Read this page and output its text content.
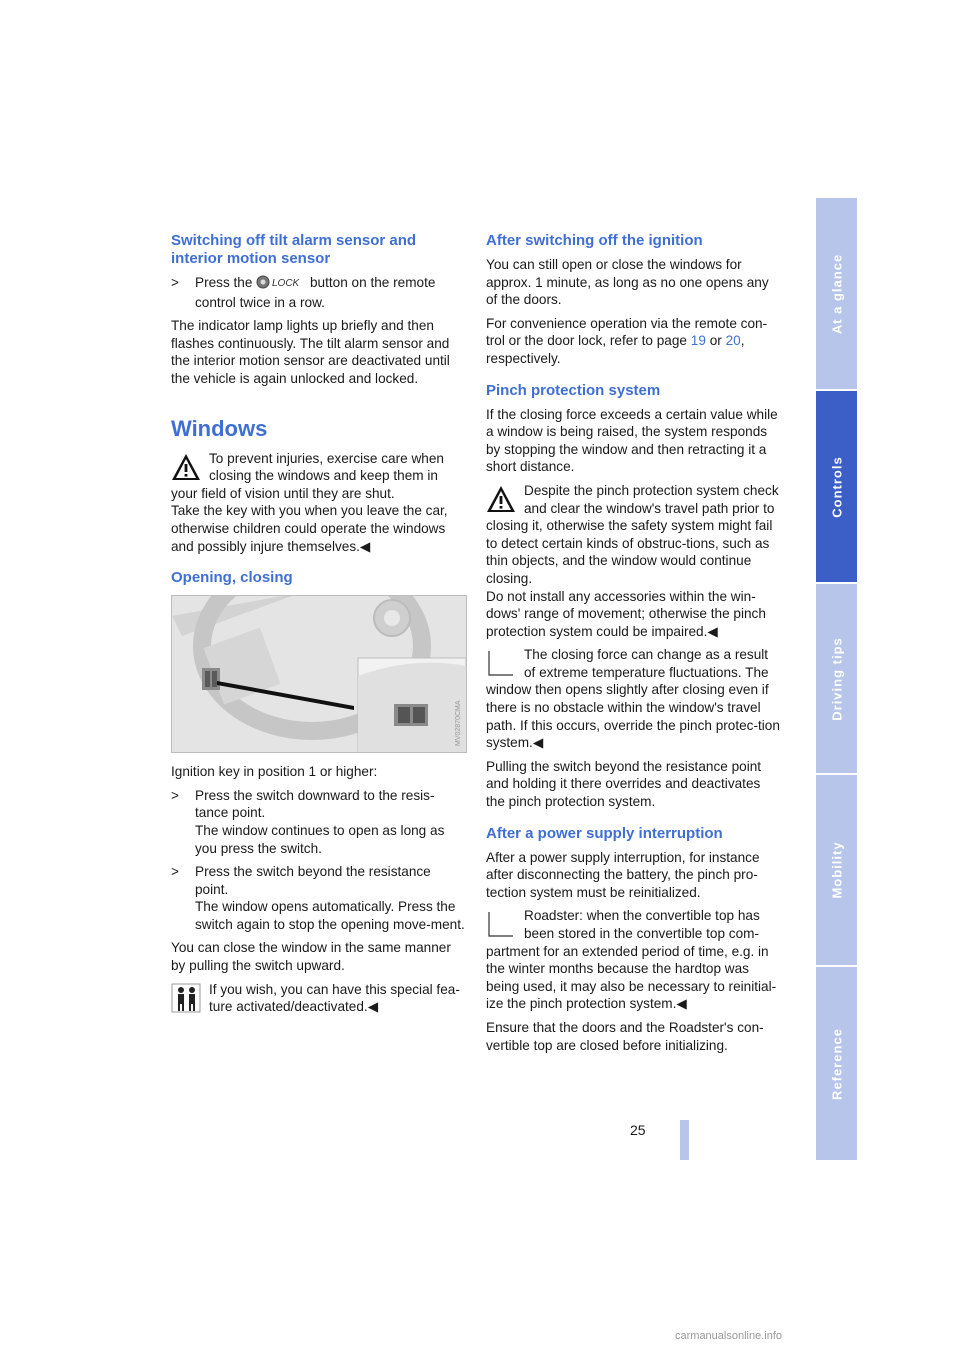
Switching off tilt alarm sensor and interior motion sensor
> Press the LOCK button on the remote control twice in a row.

The indicator lamp lights up briefly and then flashes continuously. The tilt alarm sensor and the interior motion sensor are deactivated until the vehicle is again unlocked and locked.

Windows
To prevent injuries, exercise care when closing the windows and keep them in your field of vision until they are shut.
Take the key with you when you leave the car, otherwise children could operate the windows and possibly injure themselves.◀
Opening, closing
MV02870CMA

Ignition key in position 1 or higher:

> Press the switch downward to the resis-tance point.
The window continues to open as long as you press the switch.
> Press the switch beyond the resistance point.
The window opens automatically. Press the switch again to stop the opening move-ment.

You can close the window in the same manner by pulling the switch upward.

If you wish, you can have this special fea-ture activated/deactivated.◀
After switching off the ignition

You can still open or close the windows for approx. 1 minute, as long as no one opens any of the doors.

For convenience operation via the remote con-trol or the door lock, refer to page 19 or 20, respectively.

Pinch protection system

If the closing force exceeds a certain value while a window is being raised, the system responds by stopping the window and then retracting it a short distance.

Despite the pinch protection system check and clear the window's travel path prior to closing it, otherwise the safety system might fail to detect certain kinds of obstruc-tions, such as thin objects, and the window would continue closing.
Do not install any accessories within the win-dows' range of movement; otherwise the pinch protection system could be impaired.◀
The closing force can change as a result of extreme temperature fluctuations. The window then opens slightly after closing even if there is no obstacle within the window's travel path. If this occurs, override the pinch protec-tion system.◀

Pulling the switch beyond the resistance point and holding it there overrides and deactivates the pinch protection system.

After a power supply interruption

After a power supply interruption, for instance after disconnecting the battery, the pinch pro-tection system must be reinitialized.

Roadster: when the convertible top has been stored in the convertible top com-partment for an extended period of time, e.g. in the winter months because the hardtop was being used, it may also be necessary to reinitial-ize the pinch protection system.◀

Ensure that the doors and the Roadster's con-vertible top are closed before initializing.

At a glance
Controls
Driving tips
Mobility
Reference
25
carmanualsonline.info
